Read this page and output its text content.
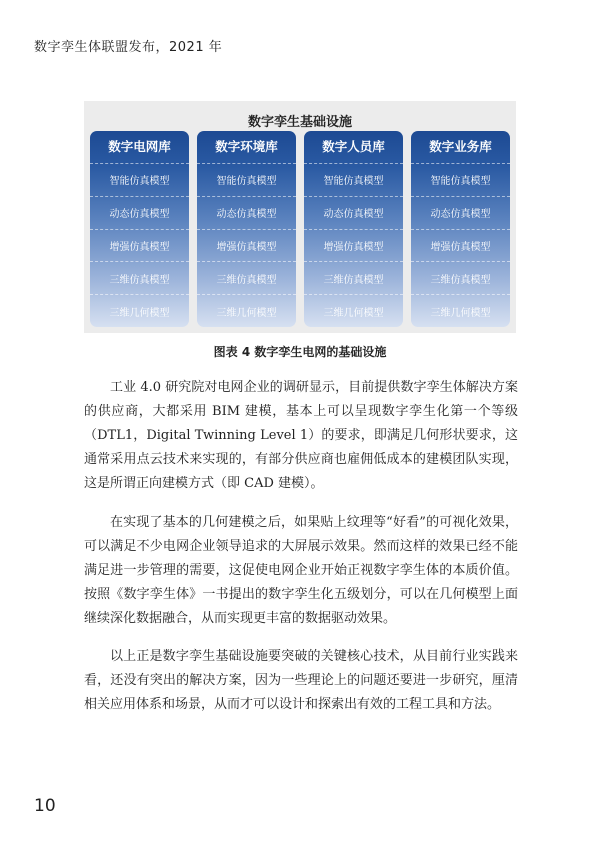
数字孪生体联盟发布，2021 年
数字孪生基础设施
数字电网库
智能仿真模型
动态仿真模型
增强仿真模型
三维仿真模型
三维几何模型
数字环境库
智能仿真模型
动态仿真模型
增强仿真模型
三维仿真模型
三维几何模型
数字人员库
智能仿真模型
动态仿真模型
增强仿真模型
三维仿真模型
三维几何模型
数字业务库
智能仿真模型
动态仿真模型
增强仿真模型
三维仿真模型
三维几何模型
图表 4 数字孪生电网的基础设施

工业 4.0 研究院对电网企业的调研显示，目前提供数字孪生体解决方案的供应商，大都采用 BIM 建模，基本上可以呈现数字孪生化第一个等级（DTL1，Digital Twinning Level 1）的要求，即满足几何形状要求，这通常采用点云技术来实现的，有部分供应商也雇佣低成本的建模团队实现，这是所谓正向建模方式（即 CAD 建模）。

在实现了基本的几何建模之后，如果贴上纹理等“好看”的可视化效果，可以满足不少电网企业领导追求的大屏展示效果。然而这样的效果已经不能满足进一步管理的需要，这促使电网企业开始正视数字孪生体的本质价值。按照《数字孪生体》一书提出的数字孪生化五级划分，可以在几何模型上面继续深化数据融合，从而实现更丰富的数据驱动效果。

以上正是数字孪生基础设施要突破的关键核心技术，从目前行业实践来看，还没有突出的解决方案，因为一些理论上的问题还要进一步研究，厘清相关应用体系和场景，从而才可以设计和探索出有效的工程工具和方法。

10
